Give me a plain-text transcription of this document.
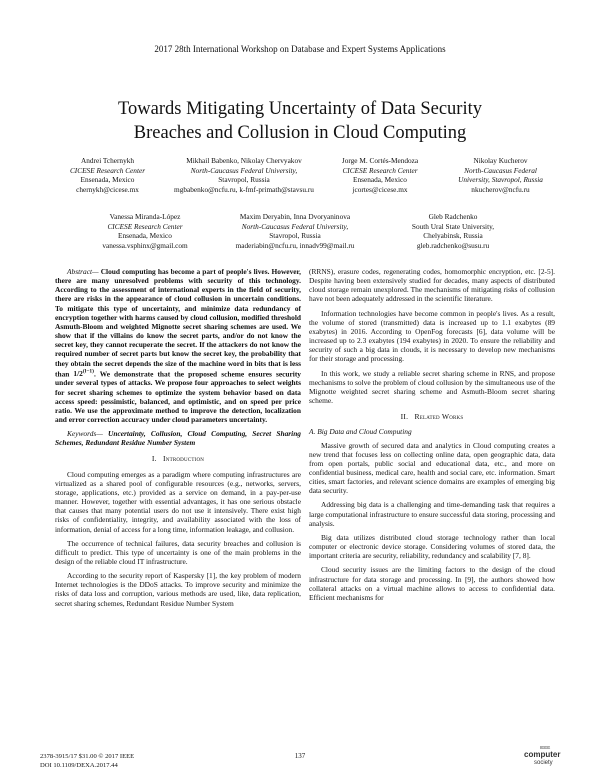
2017 28th International Workshop on Database and Expert Systems Applications
Towards Mitigating Uncertainty of Data Security
Breaches and Collusion in Cloud Computing
Andrei Tchernykh
CICESE Research Center
Ensenada, Mexico
chernykh@cicese.mx
Mikhail Babenko, Nikolay Chervyakov
North-Caucasus Federal University,
Stavropol, Russia
mgbabenko@ncfu.ru, k-fmf-primath@stavsu.ru
Jorge M. Cortés-Mendoza
CICESE Research Center
Ensenada, Mexico
jcortes@cicese.mx
Nikolay Kucherov
North-Caucasus Federal
University, Stavropol, Russia
nkucherov@ncfu.ru
Vanessa Miranda-López
CICESE Research Center
Ensenada, Mexico
vanessa.vsphinx@gmail.com
Maxim Deryabin, Inna Dvoryaninova
North-Caucasus Federal University,
Stavropol, Russia
maderiabin@ncfu.ru, innadv99@mail.ru
Gleb Radchenko
South Ural State University,
Chelyabinsk, Russia
gleb.radchenko@susu.ru

Abstract— Cloud computing has become a part of people's lives. However, there are many unresolved problems with security of this technology. According to the assessment of international experts in the field of security, there are risks in the appearance of cloud collusion in uncertain conditions. To mitigate this type of uncertainty, and minimize data redundancy of encryption together with harms caused by cloud collusion, modified threshold Asmuth-Bloom and weighted Mignotte secret sharing schemes are used. We show that if the villains do know the secret parts, and/or do not know the secret key, they cannot recuperate the secret. If the attackers do not know the required number of secret parts but know the secret key, the probability that they obtain the secret depends the size of the machine word in bits that is less than $1/2^{(l-1)}$. We demonstrate that the proposed scheme ensures security under several types of attacks. We propose four approaches to select weights for secret sharing schemes to optimize the system behavior based on data access speed: pessimistic, balanced, and optimistic, and on speed per price ratio. We use the approximate method to improve the detection, localization and error correction accuracy under cloud parameters uncertainty.

Keywords— Uncertainty, Collusion, Cloud Computing, Secret Sharing Schemes, Redundant Residue Number System

I. Introduction

Cloud computing emerges as a paradigm where computing infrastructures are virtualized as a shared pool of configurable resources (e.g., networks, servers, storage, applications, etc.) provided as a service on demand, in a pay-per-use manner. However, together with essential advantages, it has one serious obstacle that causes that many potential users do not use it intensively. There exist high risks of confidentiality, integrity, and availability associated with the loss of information, denial of access for a long time, information leakage, and collusion.

The occurrence of technical failures, data security breaches and collusion is difficult to predict. This type of uncertainty is one of the main problems in the design of the reliable cloud IT infrastructure.

According to the security report of Kaspersky [1], the key problem of modern Internet technologies is the DDoS attacks. To improve security and minimize the risks of data loss and corruption, various methods are used, like, data replication, secret sharing schemes, Redundant Residue Number System

(RRNS), erasure codes, regenerating codes, homomorphic encryption, etc. [2-5]. Despite having been extensively studied for decades, many aspects of distributed cloud storage remain unexplored. The mechanisms of mitigating risks of collusion have not been adequately addressed in the scientific literature.

Information technologies have become common in people's lives. As a result, the volume of stored (transmitted) data is increased up to 1.1 exabytes (89 exabytes) in 2016. According to OpenFog forecasts [6], data volume will be increased up to 2.3 exabytes (194 exabytes) in 2020. To ensure the reliability and security of such a big data in clouds, it is necessary to develop new mechanisms for their storage and processing.

In this work, we study a reliable secret sharing scheme in RNS, and propose mechanisms to solve the problem of cloud collusion by the simultaneous use of the Mignotte weighted secret sharing scheme and Asmuth-Bloom secret sharing scheme.

II. Related Works
A. Big Data and Cloud Computing

Massive growth of secured data and analytics in Cloud computing creates a new trend that focuses less on collecting online data, open geographic data, data from open portals, public social and educational data, etc., and more on confidential business, medical care, health and social care, etc. information. Smart cities, smart factories, and relevant science domains are examples of emerging big data security.

Addressing big data is a challenging and time-demanding task that requires a large computational infrastructure to ensure successful data storing, processing and analysis.

Big data utilizes distributed cloud storage technology rather than local computer or electronic device storage. Considering volumes of stored data, the important criteria are security, reliability, redundancy and scalability [7, 8].

Cloud security issues are the limiting factors to the design of the cloud infrastructure for data storage and processing. In [9], the authors showed how collateral attacks on a virtual machine allows to access to confidential data. Efficient mechanisms for

2378-3915/17 $31.00 © 2017 IEEE
DOI 10.1109/DEXA.2017.44
137
IEEE
computer
society
